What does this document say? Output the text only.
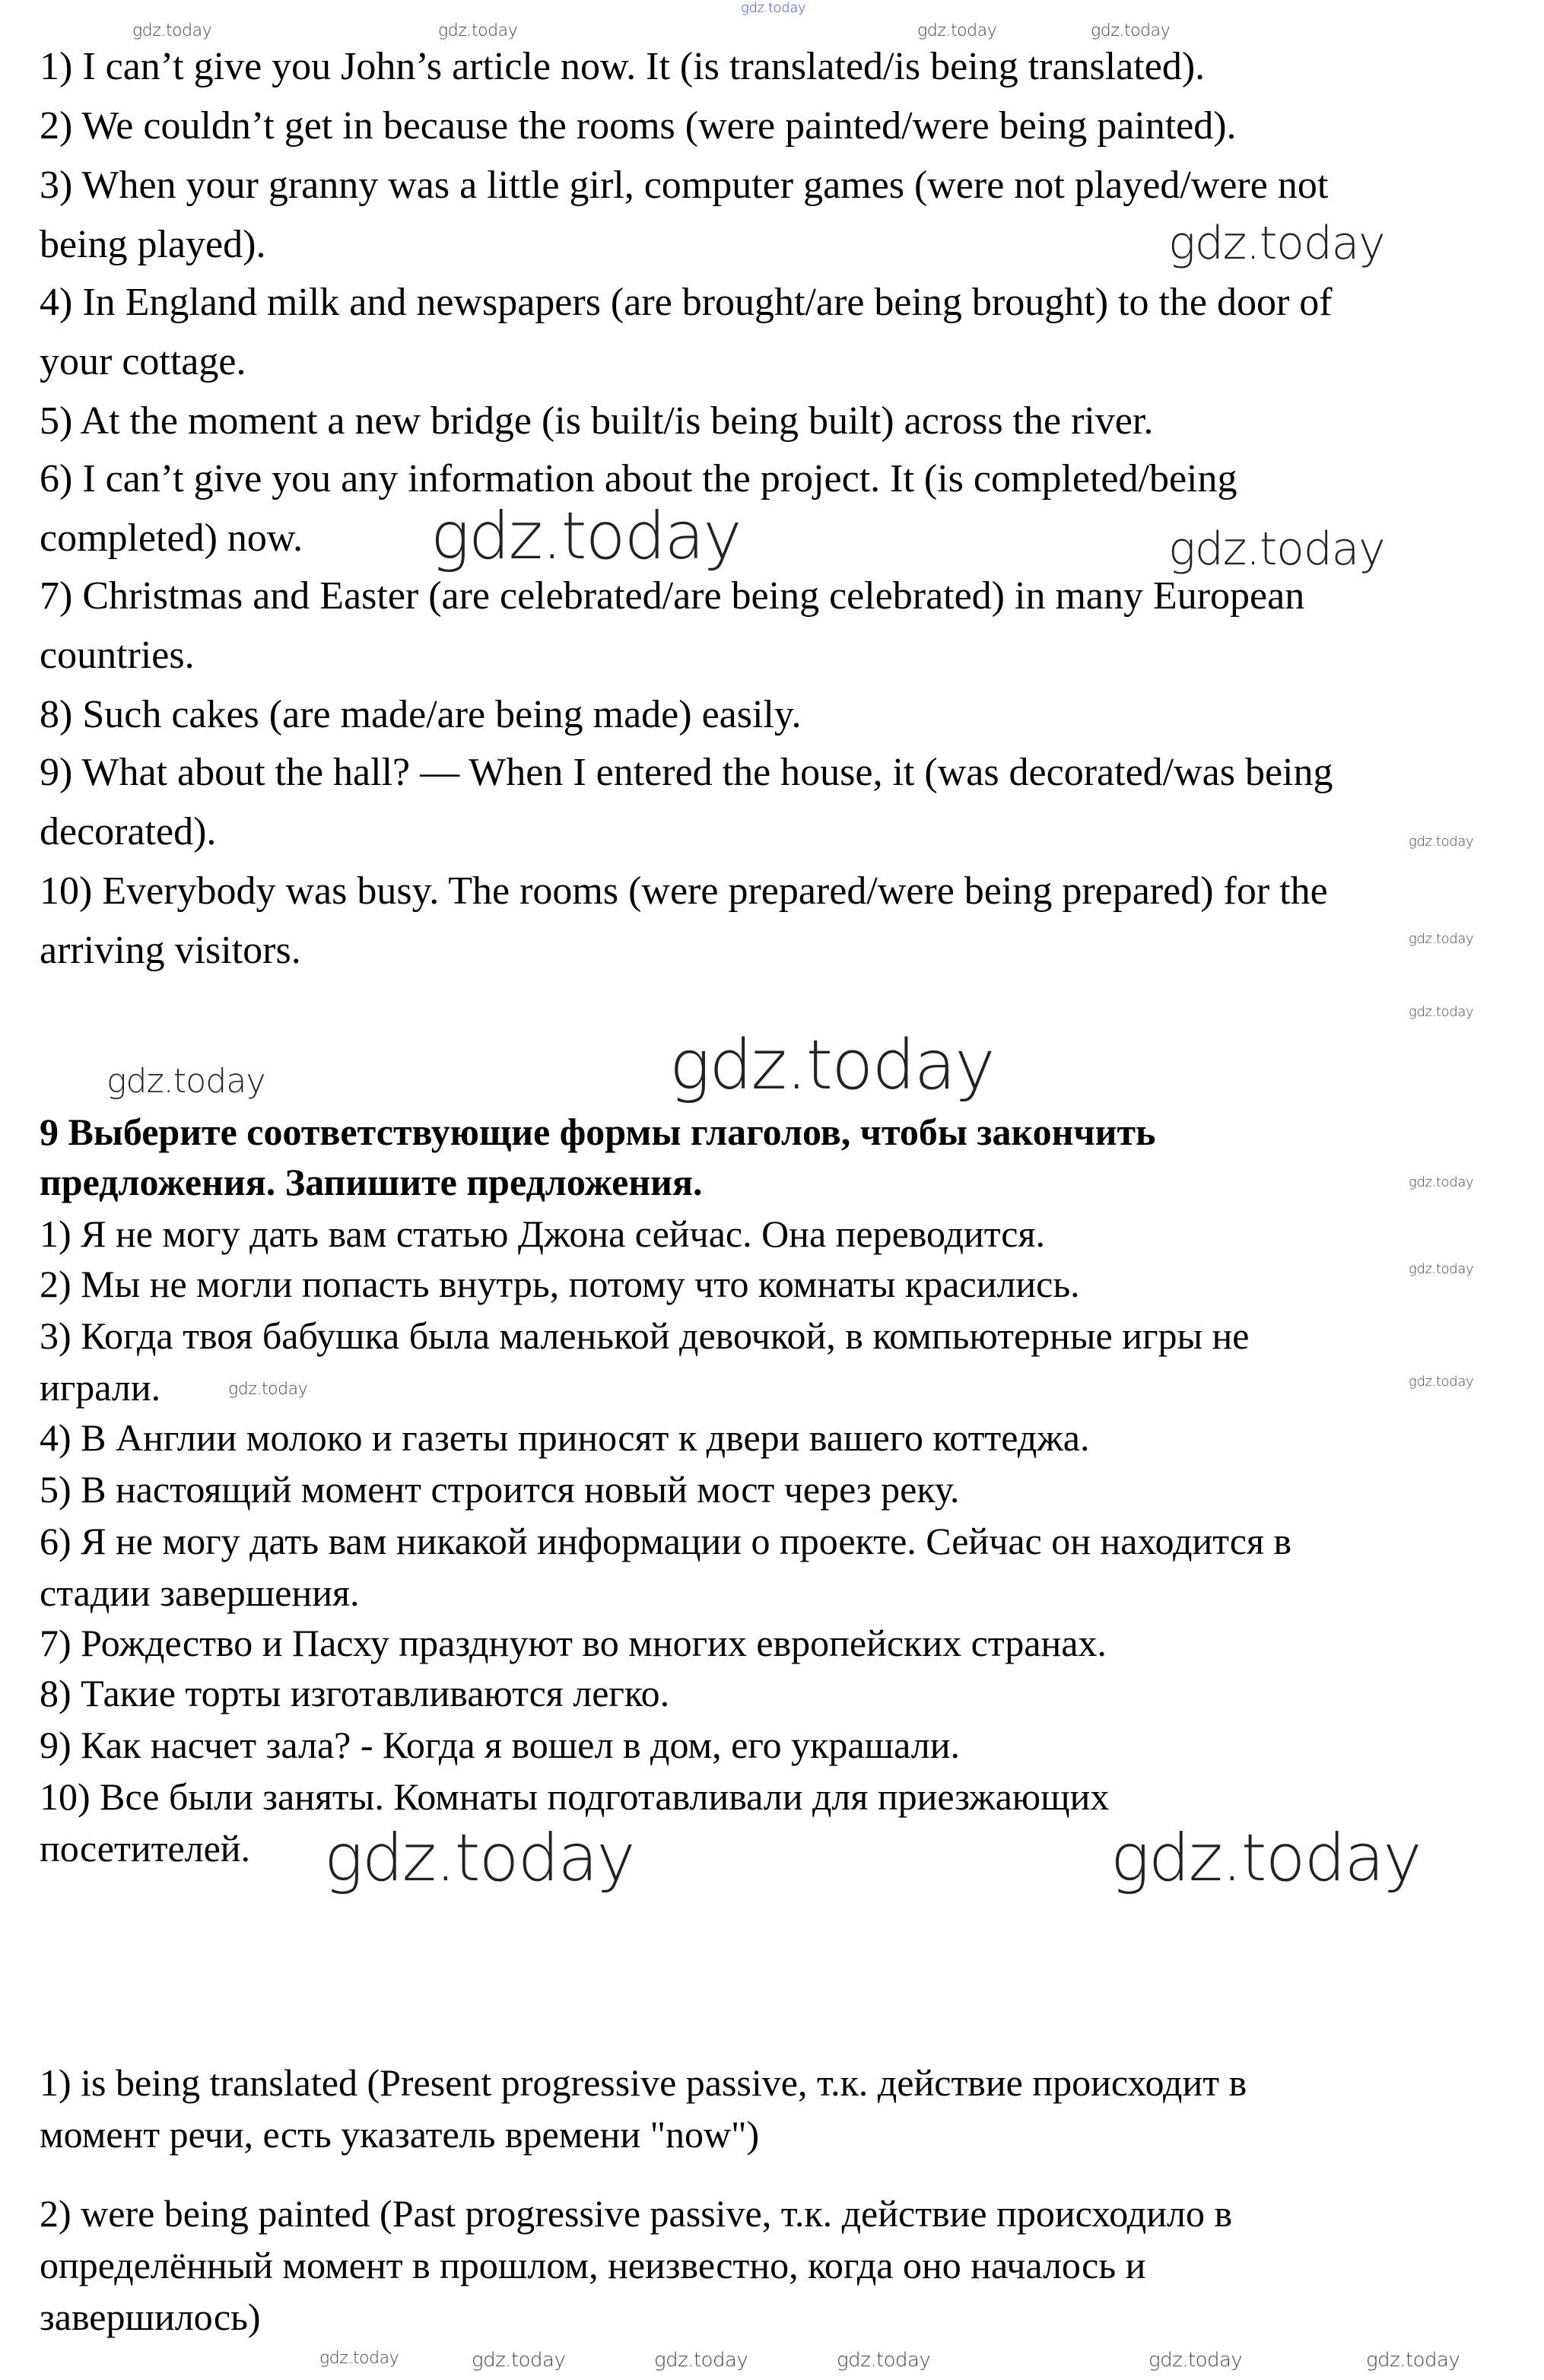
1) I can’t give you John’s article now. It (is translated/is being translated).
2) We couldn’t get in because the rooms (were painted/were being painted).
3) When your granny was a little girl, computer games (were not played/were not
being played).
4) In England milk and newspapers (are brought/are being brought) to the door of
your cottage.
5) At the moment a new bridge (is built/is being built) across the river.
6) I can’t give you any information about the project. It (is completed/being
completed) now.
7) Christmas and Easter (are celebrated/are being celebrated) in many European
countries.
8) Such cakes (are made/are being made) easily.
9) What about the hall? — When I entered the house, it (was decorated/was being
decorated).
10) Everybody was busy. The rooms (were prepared/were being prepared) for the
arriving visitors.
9 Выберите соответствующие формы глаголов, чтобы закончить
предложения. Запишите предложения.
1) Я не могу дать вам статью Джона сейчас. Она переводится.
2) Мы не могли попасть внутрь, потому что комнаты красились.
3) Когда твоя бабушка была маленькой девочкой, в компьютерные игры не
играли.
4) В Англии молоко и газеты приносят к двери вашего коттеджа.
5) В настоящий момент строится новый мост через реку.
6) Я не могу дать вам никакой информации о проекте. Сейчас он находится в
стадии завершения.
7) Рождество и Пасху празднуют во многих европейских странах.
8) Такие торты изготавливаются легко.
9) Как насчет зала? - Когда я вошел в дом, его украшали.
10) Все были заняты. Комнаты подготавливали для приезжающих
посетителей.
1) is being translated (Present progressive passive, т.к. действие происходит в
момент речи, есть указатель времени "now")
2) were being painted (Past progressive passive, т.к. действие происходило в
определённый момент в прошлом, неизвестно, когда оно началось и
завершилось)
gdz.today
gdz.today	gdz.today	gdz.today	gdz.today
gdz.today
gdz.today	gdz.today
gdz.today
gdz.today
gdz.today
gdz.today
gdz.today
gdz.today
gdz.today	gdz.today
gdz.today
gdz.today	gdz.today
gdz.today	gdz.today	gdz.today	gdz.today	gdz.today	gdz.today
